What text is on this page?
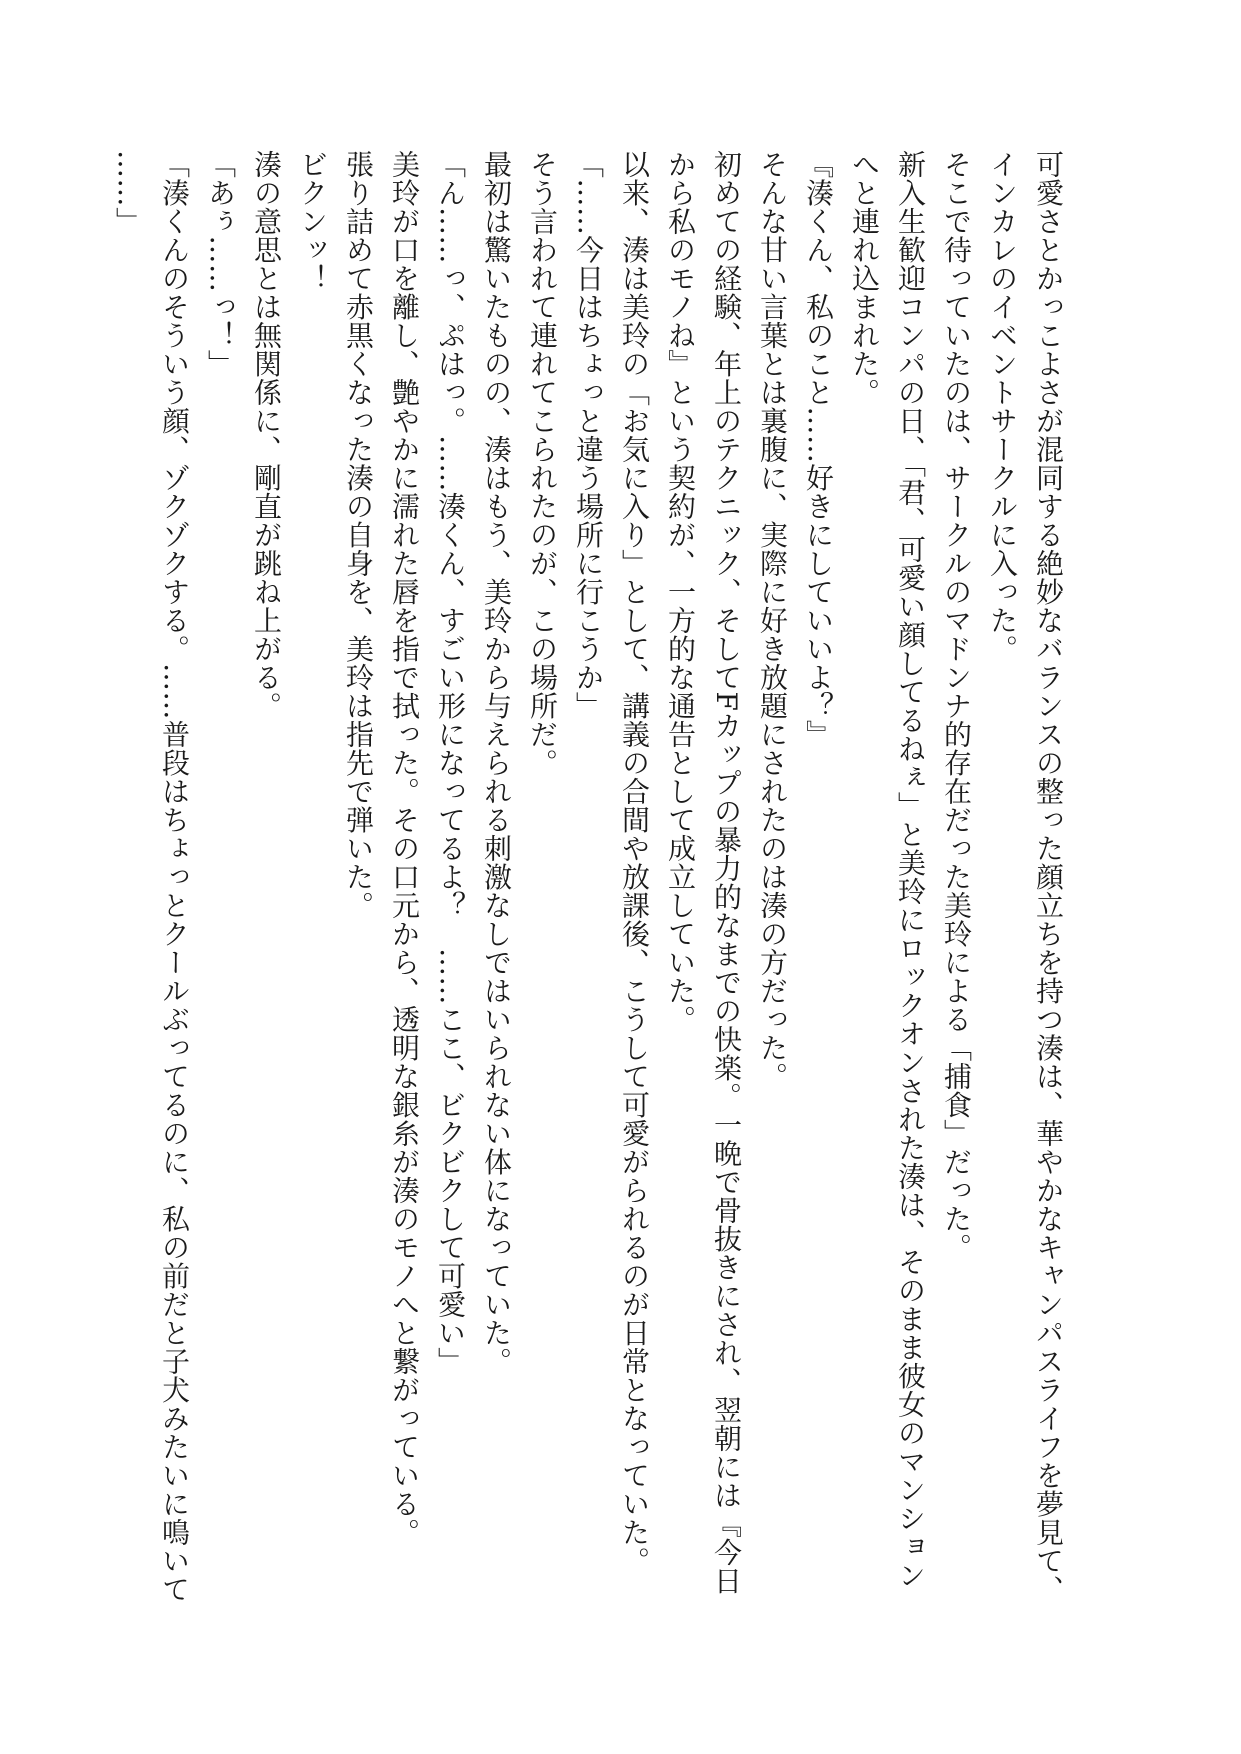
可愛さとかっこよさが混同する絶妙なバランスの整った顔立ちを持つ湊は、華やかなキャンパスライフを夢見て、

インカレのイベントサークルに入った。

そこで待っていたのは、サークルのマドンナ的存在だった美玲による「捕食」だった。

新入生歓迎コンパの日、「君、可愛い顔してるねぇ」と美玲にロックオンされた湊は、そのまま彼女のマンション

へと連れ込まれた。

『湊くん、私のこと……好きにしていいよ？』

そんな甘い言葉とは裏腹に、実際に好き放題にされたのは湊の方だった。

初めての経験、年上のテクニック、そしてFカップの暴力的なまでの快楽。一晩で骨抜きにされ、翌朝には『今日

から私のモノね』という契約が、一方的な通告として成立していた。

以来、湊は美玲の「お気に入り」として、講義の合間や放課後、こうして可愛がられるのが日常となっていた。

「……今日はちょっと違う場所に行こうか」

そう言われて連れてこられたのが、この場所だ。

最初は驚いたものの、湊はもう、美玲から与えられる刺激なしではいられない体になっていた。

「ん……っ、ぷはっ。……湊くん、すごい形になってるよ？　……ここ、ビクビクして可愛い」

美玲が口を離し、艶やかに濡れた唇を指で拭った。その口元から、透明な銀糸が湊のモノへと繋がっている。

張り詰めて赤黒くなった湊の自身を、美玲は指先で弾いた。

ビクンッ！

湊の意思とは無関係に、剛直が跳ね上がる。

「あぅ……っ！」

「湊くんのそういう顔、ゾクゾクする。……普段はちょっとクールぶってるのに、私の前だと子犬みたいに鳴いて

……」
